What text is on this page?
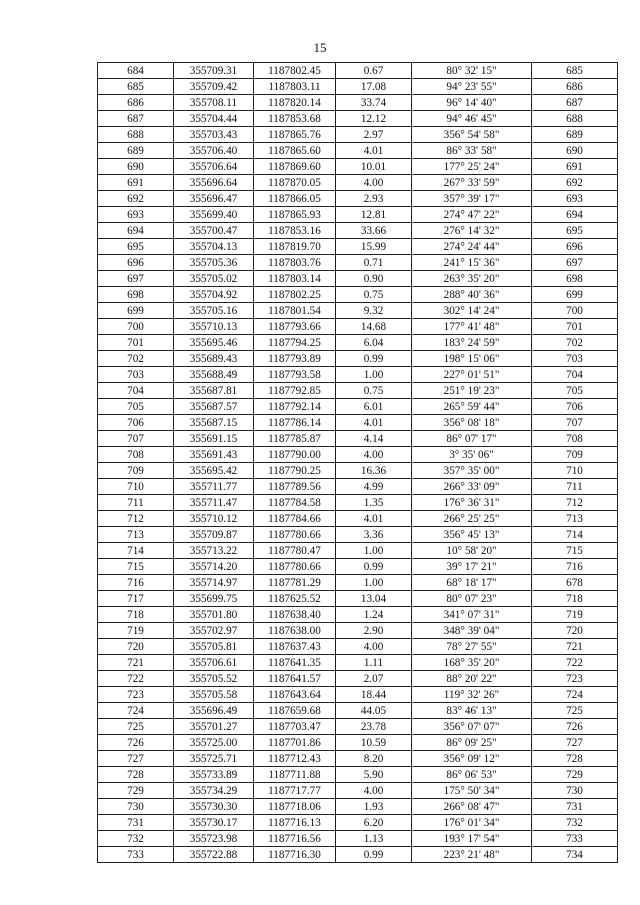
15
684	355709.31	1187802.45	0.67	80° 32' 15"	685
685	355709.42	1187803.11	17.08	94° 23' 55"	686
686	355708.11	1187820.14	33.74	96° 14' 40"	687
687	355704.44	1187853.68	12.12	94° 46' 45"	688
688	355703.43	1187865.76	2.97	356° 54' 58"	689
689	355706.40	1187865.60	4.01	86° 33' 58"	690
690	355706.64	1187869.60	10.01	177° 25' 24"	691
691	355696.64	1187870.05	4.00	267° 33' 59"	692
692	355696.47	1187866.05	2.93	357° 39' 17"	693
693	355699.40	1187865.93	12.81	274° 47' 22"	694
694	355700.47	1187853.16	33.66	276° 14' 32"	695
695	355704.13	1187819.70	15.99	274° 24' 44"	696
696	355705.36	1187803.76	0.71	241° 15' 36"	697
697	355705.02	1187803.14	0.90	263° 35' 20"	698
698	355704.92	1187802.25	0.75	288° 40' 36"	699
699	355705.16	1187801.54	9.32	302° 14' 24"	700
700	355710.13	1187793.66	14.68	177° 41' 48"	701
701	355695.46	1187794.25	6.04	183° 24' 59"	702
702	355689.43	1187793.89	0.99	198° 15' 06"	703
703	355688.49	1187793.58	1.00	227° 01' 51"	704
704	355687.81	1187792.85	0.75	251° 19' 23"	705
705	355687.57	1187792.14	6.01	265° 59' 44"	706
706	355687.15	1187786.14	4.01	356° 08' 18"	707
707	355691.15	1187785.87	4.14	86° 07' 17"	708
708	355691.43	1187790.00	4.00	3° 35' 06"	709
709	355695.42	1187790.25	16.36	357° 35' 00"	710
710	355711.77	1187789.56	4.99	266° 33' 09"	711
711	355711.47	1187784.58	1.35	176° 36' 31"	712
712	355710.12	1187784.66	4.01	266° 25' 25"	713
713	355709.87	1187780.66	3.36	356° 45' 13"	714
714	355713.22	1187780.47	1.00	10° 58' 20"	715
715	355714.20	1187780.66	0.99	39° 17' 21"	716
716	355714.97	1187781.29	1.00	68° 18' 17"	678
717	355699.75	1187625.52	13.04	80° 07' 23"	718
718	355701.80	1187638.40	1.24	341° 07' 31"	719
719	355702.97	1187638.00	2.90	348° 39' 04"	720
720	355705.81	1187637.43	4.00	78° 27' 55"	721
721	355706.61	1187641.35	1.11	168° 35' 20"	722
722	355705.52	1187641.57	2.07	88° 20' 22"	723
723	355705.58	1187643.64	18.44	119° 32' 26"	724
724	355696.49	1187659.68	44.05	83° 46' 13"	725
725	355701.27	1187703.47	23.78	356° 07' 07"	726
726	355725.00	1187701.86	10.59	86° 09' 25"	727
727	355725.71	1187712.43	8.20	356° 09' 12"	728
728	355733.89	1187711.88	5.90	86° 06' 53"	729
729	355734.29	1187717.77	4.00	175° 50' 34"	730
730	355730.30	1187718.06	1.93	266° 08' 47"	731
731	355730.17	1187716.13	6.20	176° 01' 34"	732
732	355723.98	1187716.56	1.13	193° 17' 54"	733
733	355722.88	1187716.30	0.99	223° 21' 48"	734
